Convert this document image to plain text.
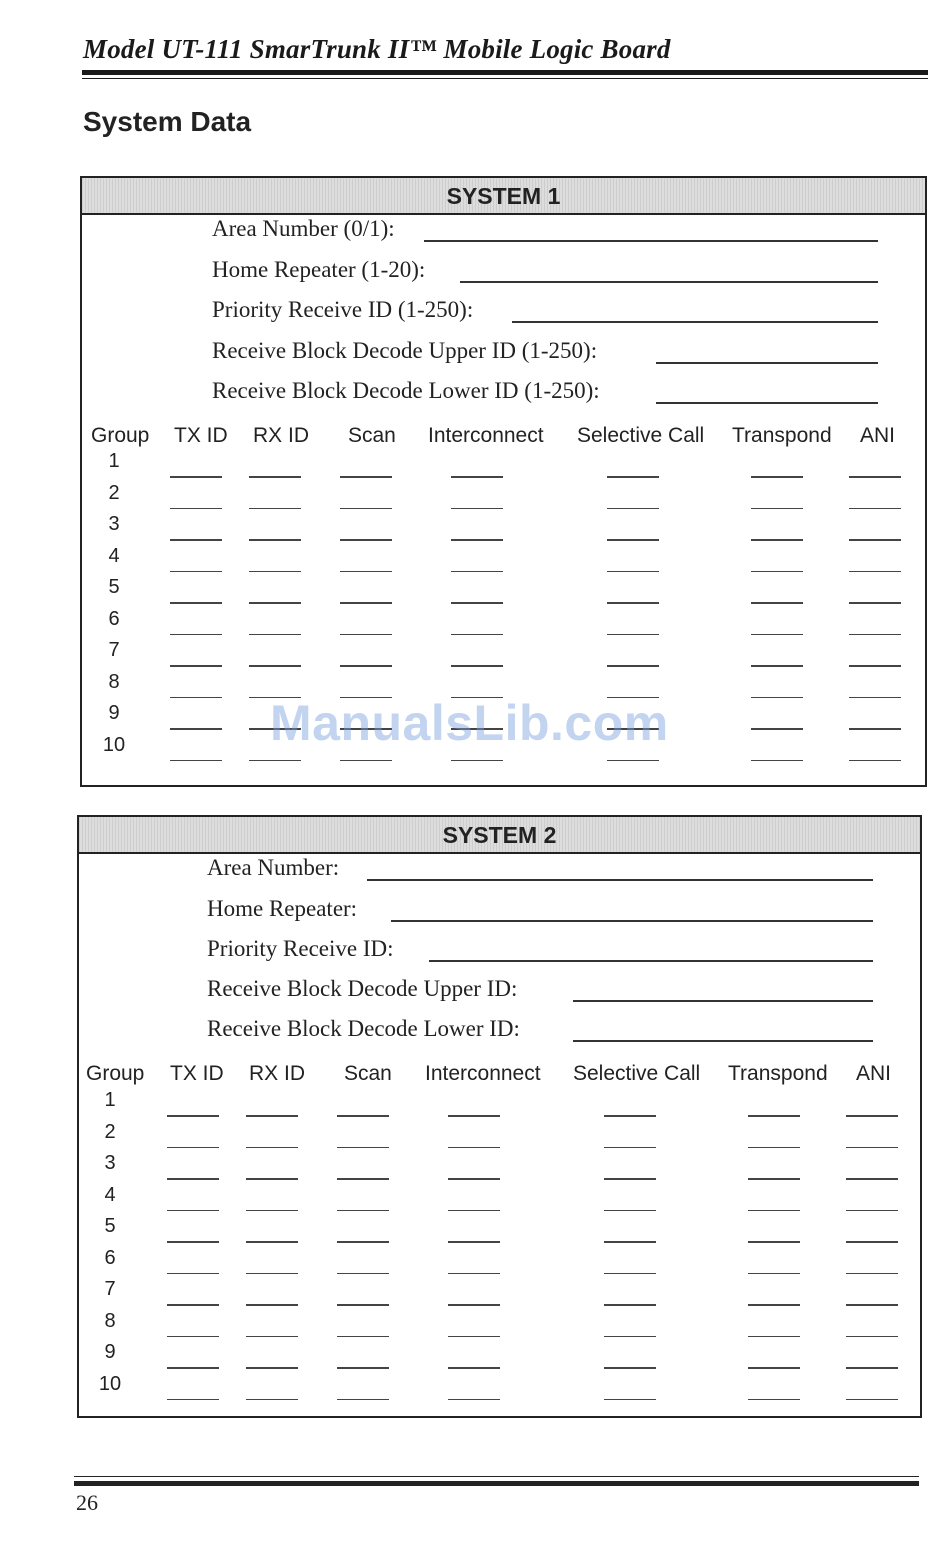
Model UT-111 SmarTrunk II™ Mobile Logic Board
System Data
SYSTEM 1
Area Number (0/1):
Home Repeater (1-20):
Priority Receive ID (1-250):
Receive Block Decode Upper ID (1-250):
Receive Block Decode Lower ID (1-250):
Group TX ID RX ID Scan Interconnect Selective Call Transpond ANI
1
2
3
4
5
6
7
8
9
10
SYSTEM 2
Area Number:
Home Repeater:
Priority Receive ID:
Receive Block Decode Upper ID:
Receive Block Decode Lower ID:
Group TX ID RX ID Scan Interconnect Selective Call Transpond ANI
1
2
3
4
5
6
7
8
9
10
ManualsLib.com
26
